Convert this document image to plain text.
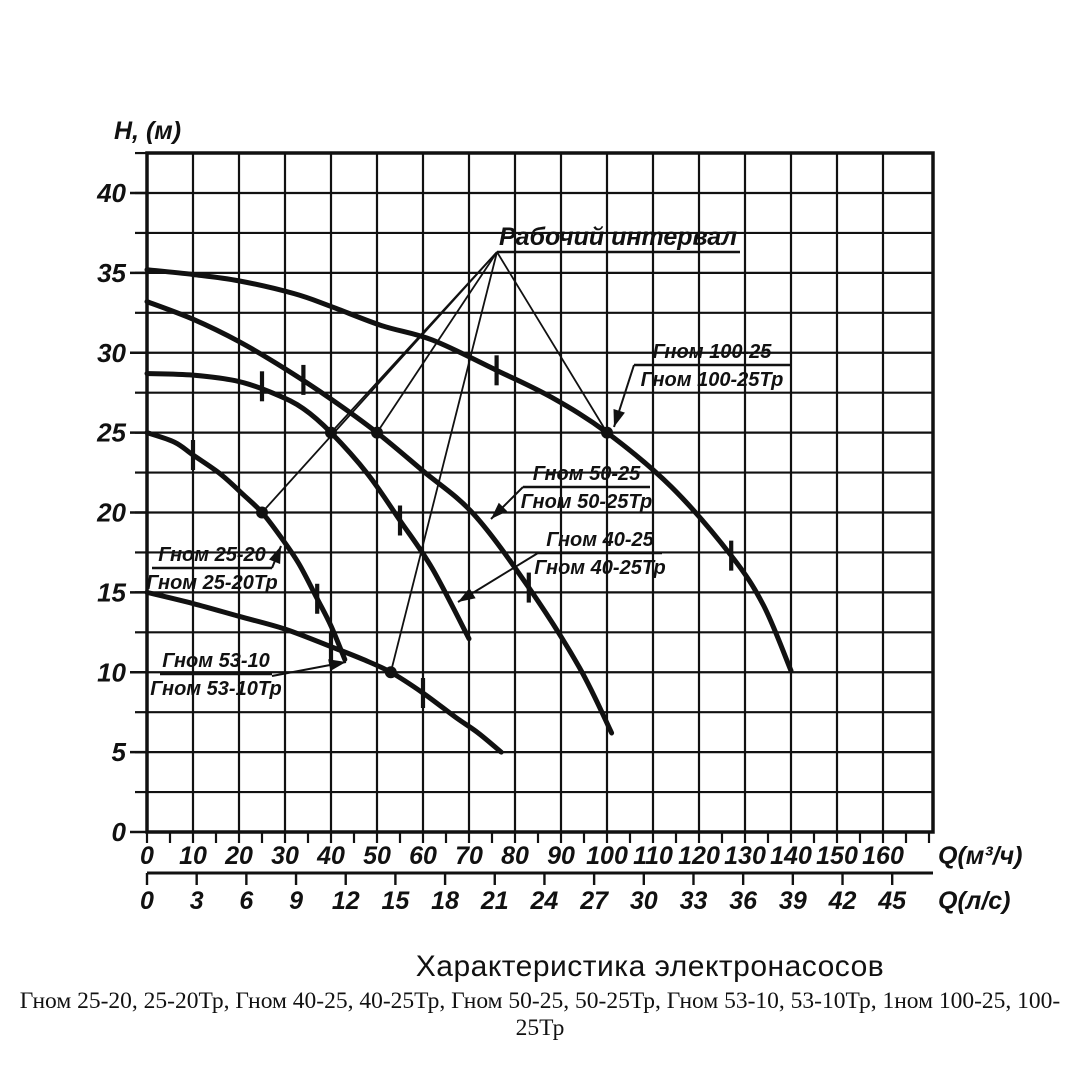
0
5
10
15
20
25
30
35
40
Н, (м)
0 10 20 30 40 50 60 70 80 90 100 110 120 130 140 150 160 Q(м³/ч)
0 3 6 9 12 15 18 21 24 27 30 33 36 39 42 45 Q(л/с)
Рабочий интервал
Гном 25-20
Гном 25-20Тр
Гном 40-25
Гном 40-25Тр
Гном 50-25
Гном 50-25Тр
Гном 53-10
Гном 53-10Тр
Гном 100-25
Гном 100-25Тр
Характеристика электронасосов
Гном 25-20, 25-20Тр, Гном 40-25, 40-25Тр, Гном 50-25, 50-25Тр, Гном 53-10, 53-10Тр, 1ном 100-25, 100-25Тр
